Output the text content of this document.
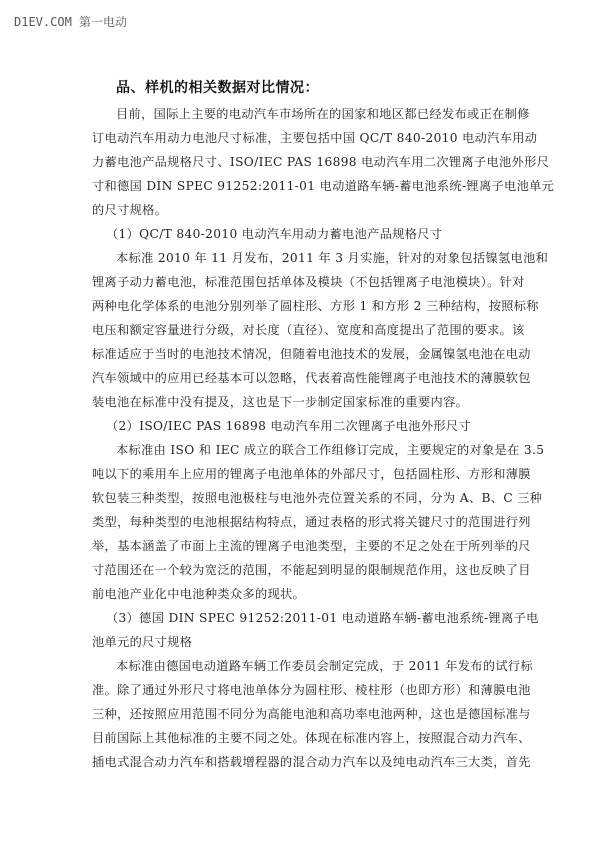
D1EV.COM 第一电动
品、样机的相关数据对比情况：
目前，国际上主要的电动汽车市场所在的国家和地区都已经发布或正在制修
订电动汽车用动力电池尺寸标准，主要包括中国 QC/T 840-2010 电动汽车用动
力蓄电池产品规格尺寸、ISO/IEC PAS 16898 电动汽车用二次锂离子电池外形尺
寸和德国 DIN SPEC 91252:2011-01 电动道路车辆-蓄电池系统-锂离子电池单元
的尺寸规格。
（1）QC/T 840-2010 电动汽车用动力蓄电池产品规格尺寸
本标准 2010 年 11 月发布，2011 年 3 月实施，针对的对象包括镍氢电池和
锂离子动力蓄电池，标准范围包括单体及模块（不包括锂离子电池模块）。针对
两种电化学体系的电池分别列举了圆柱形、方形 1 和方形 2 三种结构，按照标称
电压和额定容量进行分级，对长度（直径）、宽度和高度提出了范围的要求。该
标准适应于当时的电池技术情况，但随着电池技术的发展，金属镍氢电池在电动
汽车领域中的应用已经基本可以忽略，代表着高性能锂离子电池技术的薄膜软包
装电池在标准中没有提及，这也是下一步制定国家标准的重要内容。
（2）ISO/IEC PAS 16898 电动汽车用二次锂离子电池外形尺寸
本标准由 ISO 和 IEC 成立的联合工作组修订完成，主要规定的对象是在 3.5
吨以下的乘用车上应用的锂离子电池单体的外部尺寸，包括圆柱形、方形和薄膜
软包装三种类型，按照电池极柱与电池外壳位置关系的不同，分为 A、B、C 三种
类型，每种类型的电池根据结构特点，通过表格的形式将关键尺寸的范围进行列
举，基本涵盖了市面上主流的锂离子电池类型，主要的不足之处在于所列举的尺
寸范围还在一个较为宽泛的范围，不能起到明显的限制规范作用，这也反映了目
前电池产业化中电池种类众多的现状。
（3）德国 DIN SPEC 91252:2011-01 电动道路车辆-蓄电池系统-锂离子电
池单元的尺寸规格
本标准由德国电动道路车辆工作委员会制定完成，于 2011 年发布的试行标
准。除了通过外形尺寸将电池单体分为圆柱形、棱柱形（也即方形）和薄膜电池
三种，还按照应用范围不同分为高能电池和高功率电池两种，这也是德国标准与
目前国际上其他标准的主要不同之处。体现在标准内容上，按照混合动力汽车、
插电式混合动力汽车和搭载增程器的混合动力汽车以及纯电动汽车三大类，首先
